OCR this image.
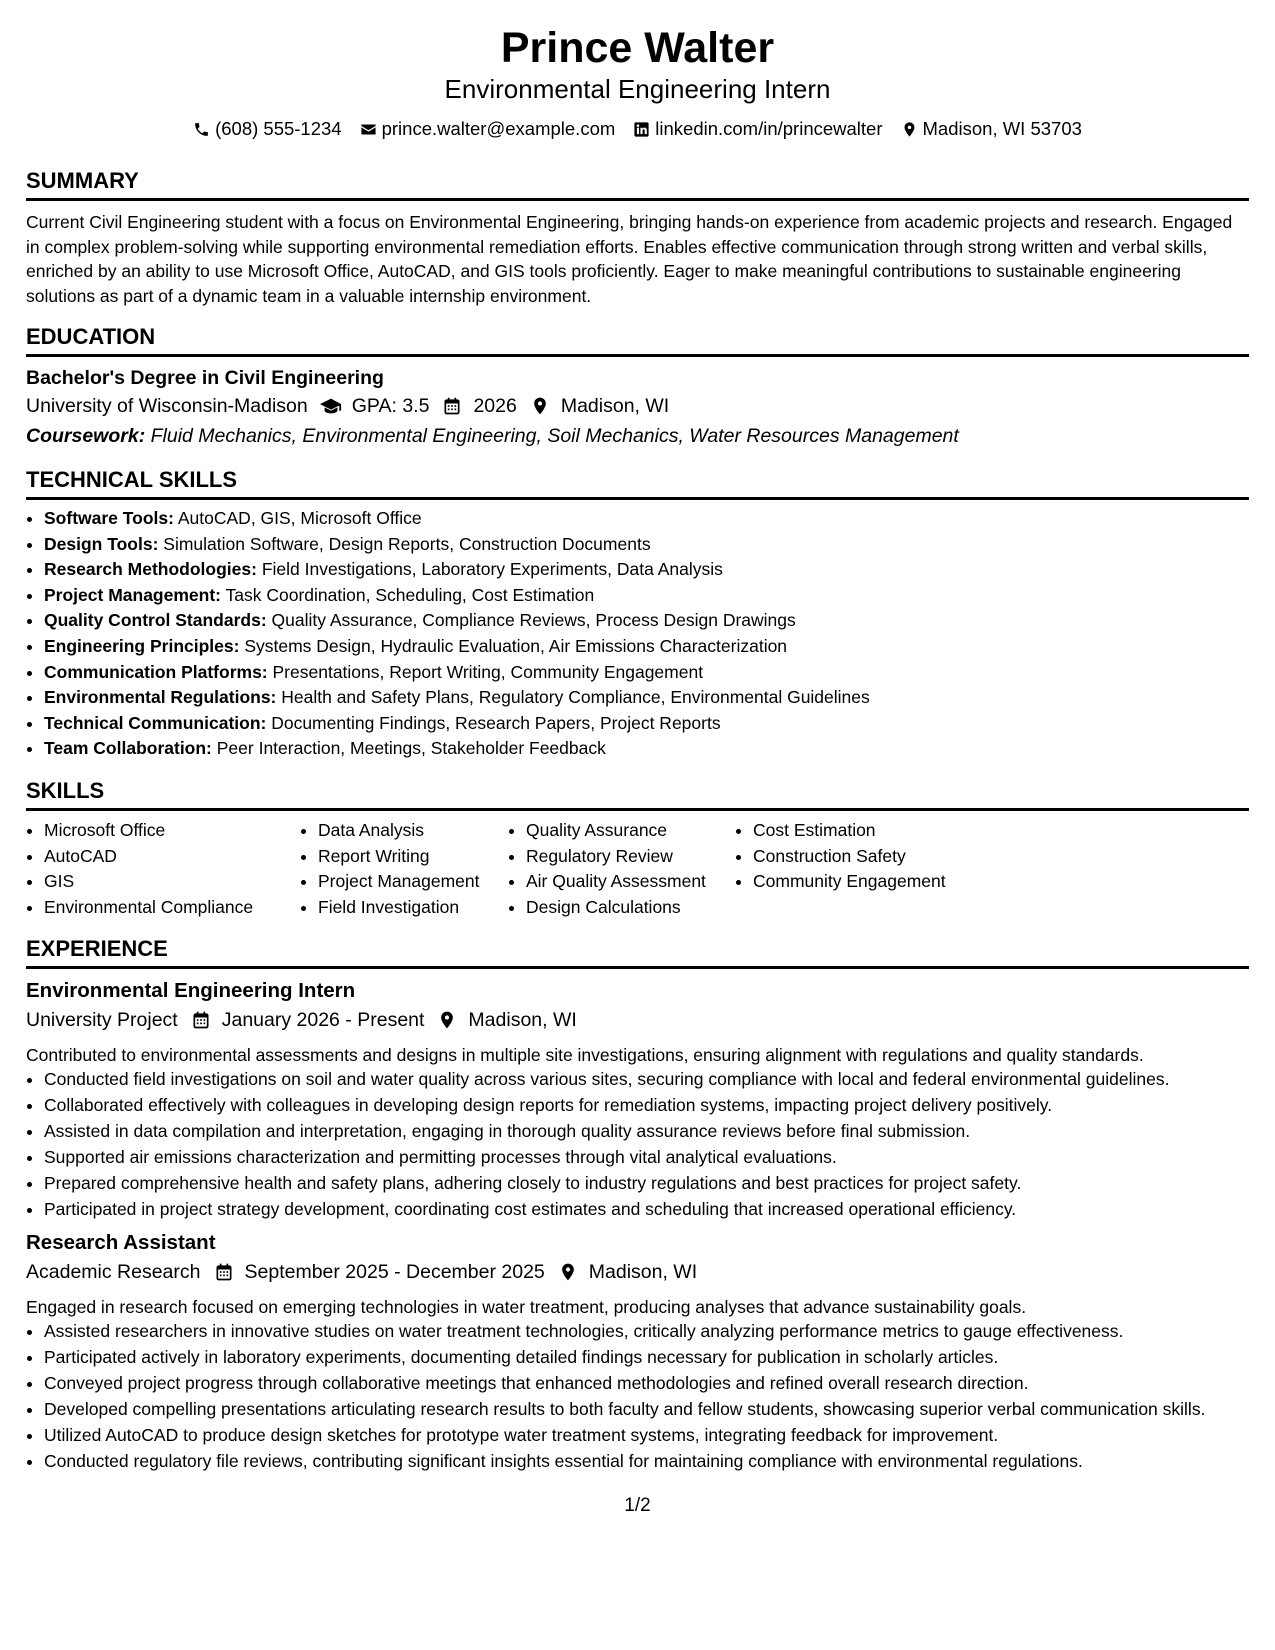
Prince Walter
Environmental Engineering Intern
(608) 555-1234 prince.walter@example.com linkedin.com/in/princewalter Madison, WI 53703
SUMMARY

Current Civil Engineering student with a focus on Environmental Engineering, bringing hands-on experience from academic projects and research. Engaged in complex problem-solving while supporting environmental remediation efforts. Enables effective communication through strong written and verbal skills, enriched by an ability to use Microsoft Office, AutoCAD, and GIS tools proficiently. Eager to make meaningful contributions to sustainable engineering solutions as part of a dynamic team in a valuable internship environment.

EDUCATION
Bachelor's Degree in Civil Engineering
University of Wisconsin-Madison GPA: 3.5 2026 Madison, WI
Coursework: Fluid Mechanics, Environmental Engineering, Soil Mechanics, Water Resources Management
TECHNICAL SKILLS
• Software Tools: AutoCAD, GIS, Microsoft Office
• Design Tools: Simulation Software, Design Reports, Construction Documents
• Research Methodologies: Field Investigations, Laboratory Experiments, Data Analysis
• Project Management: Task Coordination, Scheduling, Cost Estimation
• Quality Control Standards: Quality Assurance, Compliance Reviews, Process Design Drawings
• Engineering Principles: Systems Design, Hydraulic Evaluation, Air Emissions Characterization
• Communication Platforms: Presentations, Report Writing, Community Engagement
• Environmental Regulations: Health and Safety Plans, Regulatory Compliance, Environmental Guidelines
• Technical Communication: Documenting Findings, Research Papers, Project Reports
• Team Collaboration: Peer Interaction, Meetings, Stakeholder Feedback
SKILLS
• Microsoft Office
• AutoCAD
• GIS
• Environmental Compliance
• Data Analysis
• Report Writing
• Project Management
• Field Investigation
• Quality Assurance
• Regulatory Review
• Air Quality Assessment
• Design Calculations
• Cost Estimation
• Construction Safety
• Community Engagement
EXPERIENCE
Environmental Engineering Intern
University Project January 2026 - Present Madison, WI

Contributed to environmental assessments and designs in multiple site investigations, ensuring alignment with regulations and quality standards.

• Conducted field investigations on soil and water quality across various sites, securing compliance with local and federal environmental guidelines.
• Collaborated effectively with colleagues in developing design reports for remediation systems, impacting project delivery positively.
• Assisted in data compilation and interpretation, engaging in thorough quality assurance reviews before final submission.
• Supported air emissions characterization and permitting processes through vital analytical evaluations.
• Prepared comprehensive health and safety plans, adhering closely to industry regulations and best practices for project safety.
• Participated in project strategy development, coordinating cost estimates and scheduling that increased operational efficiency.
Research Assistant
Academic Research September 2025 - December 2025 Madison, WI

Engaged in research focused on emerging technologies in water treatment, producing analyses that advance sustainability goals.

• Assisted researchers in innovative studies on water treatment technologies, critically analyzing performance metrics to gauge effectiveness.
• Participated actively in laboratory experiments, documenting detailed findings necessary for publication in scholarly articles.
• Conveyed project progress through collaborative meetings that enhanced methodologies and refined overall research direction.
• Developed compelling presentations articulating research results to both faculty and fellow students, showcasing superior verbal communication skills.
• Utilized AutoCAD to produce design sketches for prototype water treatment systems, integrating feedback for improvement.
• Conducted regulatory file reviews, contributing significant insights essential for maintaining compliance with environmental regulations.
1/2
